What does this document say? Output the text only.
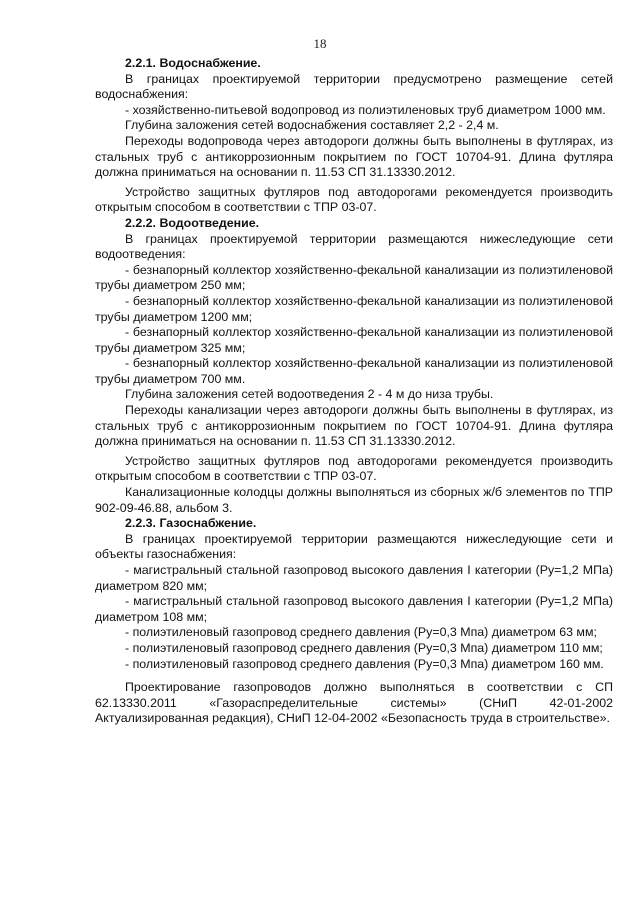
18
2.2.1. Водоснабжение.

В границах проектируемой территории предусмотрено размещение сетей водоснабжения:

- хозяйственно-питьевой водопровод из полиэтиленовых труб диаметром 1000 мм.

Глубина заложения сетей водоснабжения составляет 2,2 - 2,4 м.

Переходы водопровода через автодороги должны быть выполнены в футлярах, из стальных труб с антикоррозионным покрытием по ГОСТ 10704-91. Длина футляра должна приниматься на основании п. 11.53 СП 31.13330.2012.

Устройство защитных футляров под автодорогами рекомендуется производить открытым способом в соответствии с ТПР 03-07.

2.2.2. Водоотведение.

В границах проектируемой территории размещаются нижеследующие сети водоотведения:

- безнапорный коллектор хозяйственно-фекальной канализации из полиэтиленовой трубы диаметром 250 мм;

- безнапорный коллектор хозяйственно-фекальной канализации из полиэтиленовой трубы диаметром 1200 мм;

- безнапорный коллектор хозяйственно-фекальной канализации из полиэтиленовой трубы диаметром 325 мм;

- безнапорный коллектор хозяйственно-фекальной канализации из полиэтиленовой трубы диаметром 700 мм.

Глубина заложения сетей водоотведения 2 - 4 м до низа трубы.

Переходы канализации через автодороги должны быть выполнены в футлярах, из стальных труб с антикоррозионным покрытием по ГОСТ 10704-91. Длина футляра должна приниматься на основании п. 11.53 СП 31.13330.2012.

Устройство защитных футляров под автодорогами рекомендуется производить открытым способом в соответствии с ТПР 03-07.

Канализационные колодцы должны выполняться из сборных ж/б элементов по ТПР 902-09-46.88, альбом 3.

2.2.3. Газоснабжение.

В границах проектируемой территории размещаются нижеследующие сети и объекты газоснабжения:

- магистральный стальной газопровод высокого давления I категории (Ру=1,2 МПа) диаметром 820 мм;

- магистральный стальной газопровод высокого давления I категории (Ру=1,2 МПа) диаметром 108 мм;

- полиэтиленовый газопровод среднего давления (Ру=0,3 Мпа) диаметром 63 мм;

- полиэтиленовый газопровод среднего давления (Ру=0,3 Мпа) диаметром 110 мм;

- полиэтиленовый газопровод среднего давления (Ру=0,3 Мпа) диаметром 160 мм.

Проектирование газопроводов должно выполняться в соответствии с СП 62.13330.2011 «Газораспределительные системы» (СНиП 42-01-2002 Актуализированная редакция), СНиП 12-04-2002 «Безопасность труда в строительстве».
